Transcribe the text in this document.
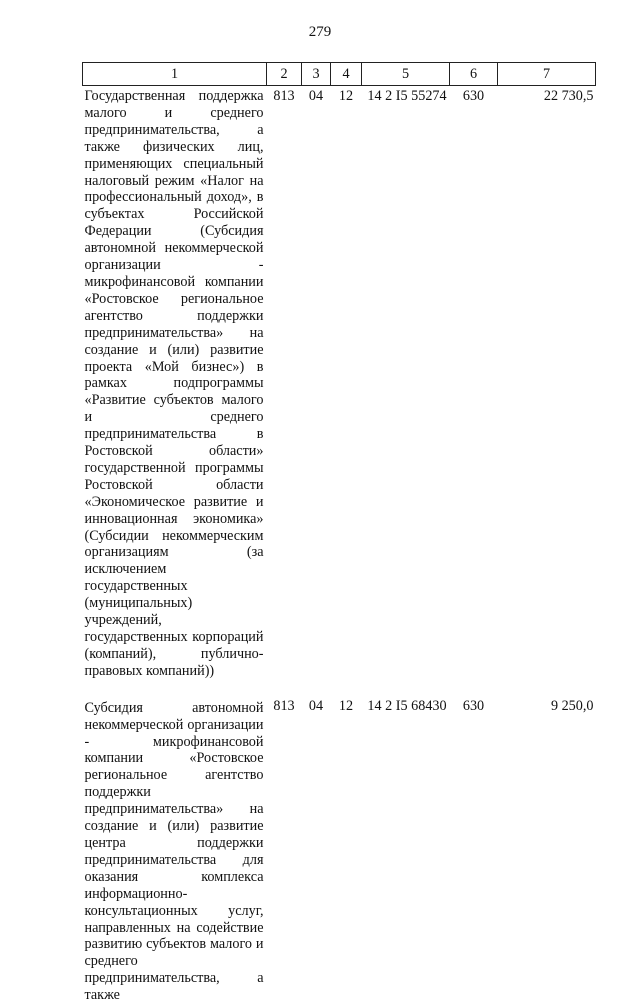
279
1	2	3	4	5	6	7
Государственная поддержка малого и среднего предпринимательства, а также физических лиц, применяющих специальный налоговый режим «Налог на профессиональный доход», в субъектах Российской Федерации (Субсидия автономной некоммерческой организации - микрофинансовой компании «Ростовское региональное агентство поддержки предпринимательства» на создание и (или) развитие проекта «Мой бизнес») в рамках подпрограммы «Развитие субъектов малого и среднего предпринимательства в Ростовской области» государственной программы Ростовской области «Экономическое развитие и инновационная экономика» (Субсидии некоммерческим организациям (за исключением государственных (муниципальных) учреждений, государственных корпораций (компаний), публично-правовых компаний))	813	04	12	14 2 I5 55274	630	22 730,5
Субсидия автономной некоммерческой организации - микрофинансовой компании «Ростовское региональное агентство поддержки предпринимательства» на создание и (или) развитие центра поддержки предпринимательства для оказания комплекса информационно-консультационных услуг, направленных на содействие развитию субъектов малого и среднего предпринимательства, а также	813	04	12	14 2 I5 68430	630	9 250,0
